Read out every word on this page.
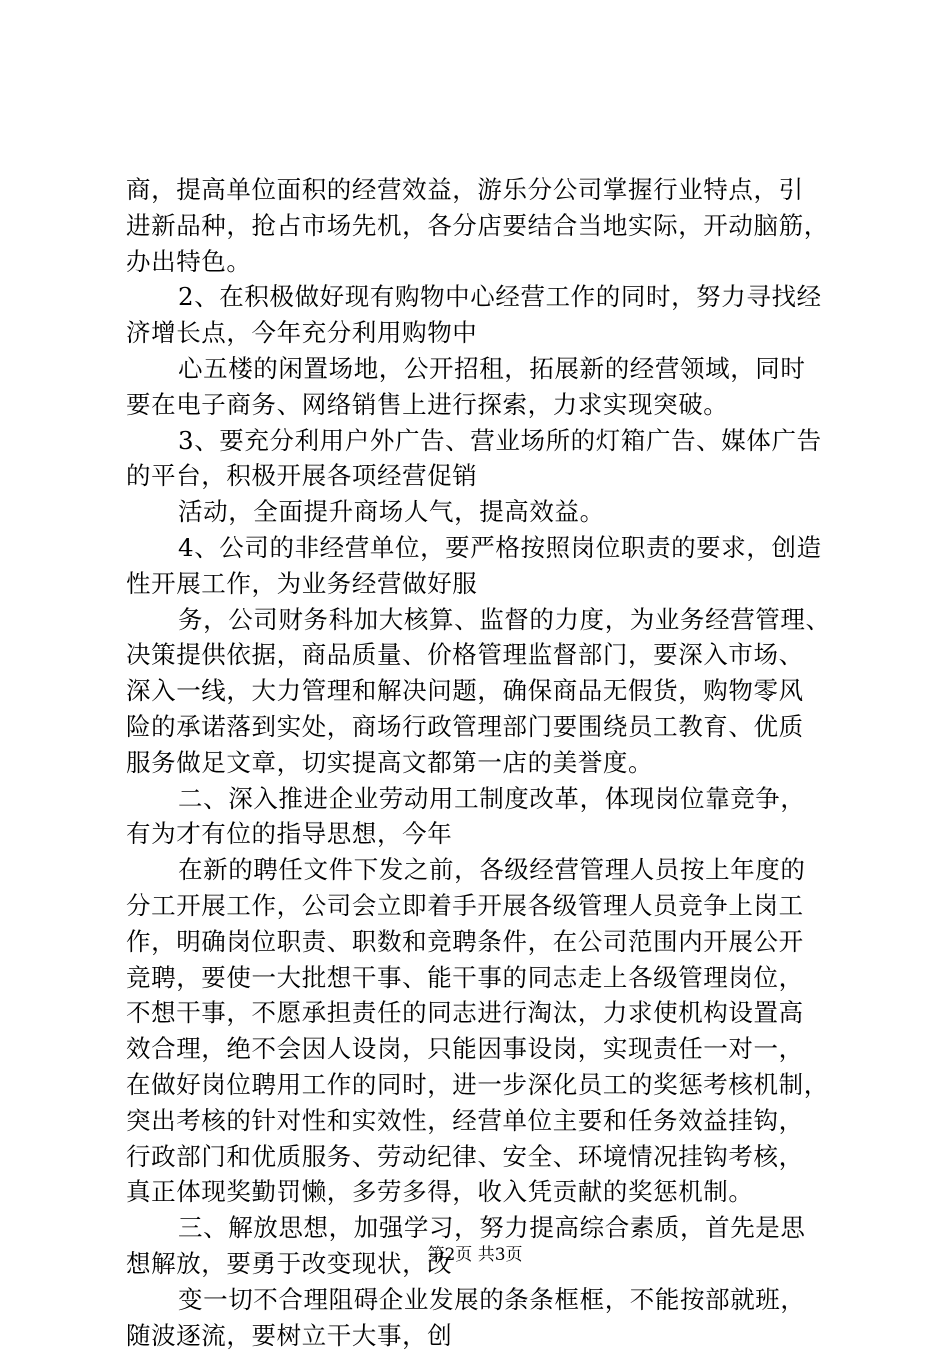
商，提高单位面积的经营效益，游乐分公司掌握行业特点，引
进新品种，抢占市场先机，各分店要结合当地实际，开动脑筋，
办出特色。
2、在积极做好现有购物中心经营工作的同时，努力寻找经
济增长点，今年充分利用购物中
心五楼的闲置场地，公开招租，拓展新的经营领域，同时
要在电子商务、网络销售上进行探索，力求实现突破。
3、要充分利用户外广告、营业场所的灯箱广告、媒体广告
的平台，积极开展各项经营促销
活动，全面提升商场人气，提高效益。
4、公司的非经营单位，要严格按照岗位职责的要求，创造
性开展工作，为业务经营做好服
务，公司财务科加大核算、监督的力度，为业务经营管理、
决策提供依据，商品质量、价格管理监督部门，要深入市场、
深入一线，大力管理和解决问题，确保商品无假货，购物零风
险的承诺落到实处，商场行政管理部门要围绕员工教育、优质
服务做足文章，切实提高文都第一店的美誉度。
二、深入推进企业劳动用工制度改革，体现岗位靠竞争，
有为才有位的指导思想，今年
在新的聘任文件下发之前，各级经营管理人员按上年度的
分工开展工作，公司会立即着手开展各级管理人员竞争上岗工
作，明确岗位职责、职数和竞聘条件，在公司范围内开展公开
竞聘，要使一大批想干事、能干事的同志走上各级管理岗位，
不想干事，不愿承担责任的同志进行淘汰，力求使机构设置高
效合理，绝不会因人设岗，只能因事设岗，实现责任一对一，
在做好岗位聘用工作的同时，进一步深化员工的奖惩考核机制，
突出考核的针对性和实效性，经营单位主要和任务效益挂钩，
行政部门和优质服务、劳动纪律、安全、环境情况挂钩考核，
真正体现奖勤罚懒，多劳多得，收入凭贡献的奖惩机制。
三、解放思想，加强学习，努力提高综合素质，首先是思
想解放，要勇于改变现状，改
变一切不合理阻碍企业发展的条条框框，不能按部就班，
随波逐流，要树立干大事，创
第2页 共3页
